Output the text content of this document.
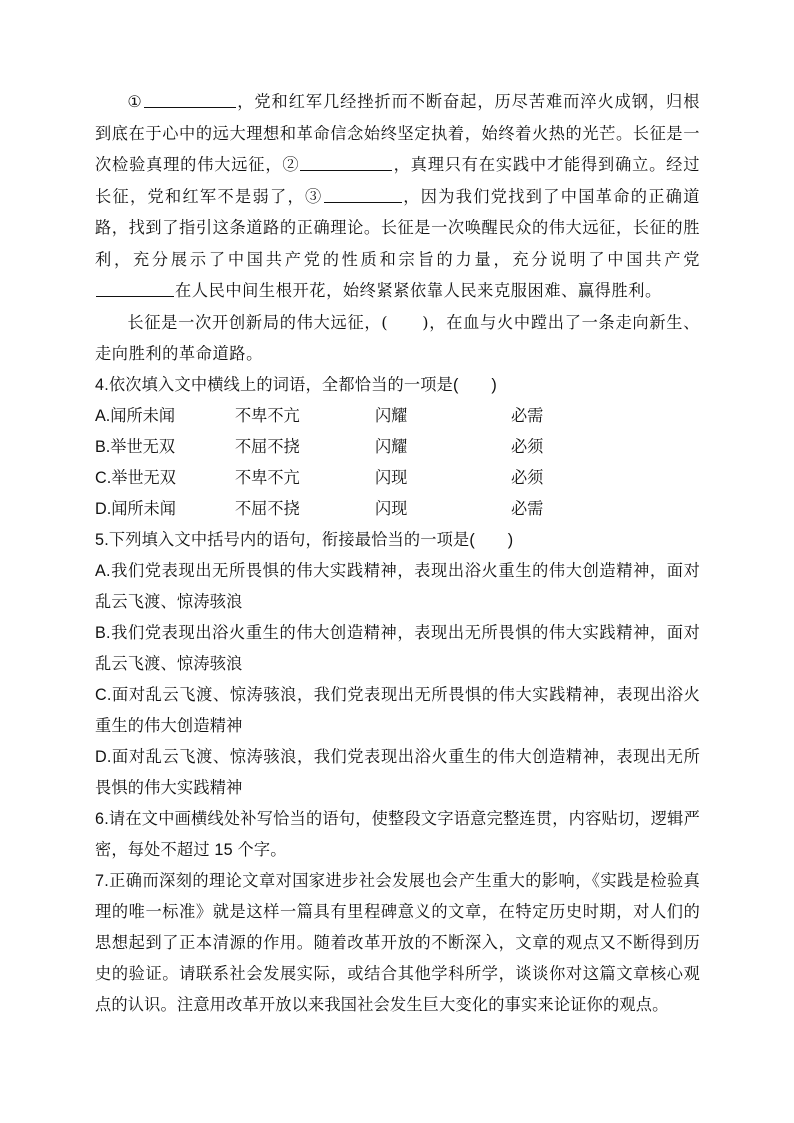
①	，党和红军几经挫折而不断奋起，历尽苦难而淬火成钢，归根到底在于心中的远大理想和革命信念始终坚定执着，始终着火热的光芒。长征是一次检验真理的伟大远征，②	，真理只有在实践中才能得到确立。经过长征，党和红军不是弱了，③	，因为我们党找到了中国革命的正确道路，找到了指引这条道路的正确理论。长征是一次唤醒民众的伟大远征，长征的胜利，充分展示了中国共产党的性质和宗旨的力量，充分说明了中国共产党在人民中间生根开花，始终紧紧依靠人民来克服困难、赢得胜利。

长征是一次开创新局的伟大远征，(　　)，在血与火中蹚出了一条走向新生、走向胜利的革命道路。

4.依次填入文中横线上的词语，全都恰当的一项是(　　)

A.闻所未闻	不卑不亢	闪耀	必需
B.举世无双	不屈不挠	闪耀	必须
C.举世无双	不卑不亢	闪现	必须
D.闻所未闻	不屈不挠	闪现	必需

5.下列填入文中括号内的语句，衔接最恰当的一项是(　　)

A.我们党表现出无所畏惧的伟大实践精神，表现出浴火重生的伟大创造精神，面对乱云飞渡、惊涛骇浪

B.我们党表现出浴火重生的伟大创造精神，表现出无所畏惧的伟大实践精神，面对乱云飞渡、惊涛骇浪

C.面对乱云飞渡、惊涛骇浪，我们党表现出无所畏惧的伟大实践精神，表现出浴火重生的伟大创造精神

D.面对乱云飞渡、惊涛骇浪，我们党表现出浴火重生的伟大创造精神，表现出无所畏惧的伟大实践精神

6.请在文中画横线处补写恰当的语句，使整段文字语意完整连贯，内容贴切，逻辑严密，每处不超过 15 个字。

7.正确而深刻的理论文章对国家进步社会发展也会产生重大的影响，《实践是检验真理的唯一标准》就是这样一篇具有里程碑意义的文章，在特定历史时期，对人们的思想起到了正本清源的作用。随着改革开放的不断深入，文章的观点又不断得到历史的验证。请联系社会发展实际，或结合其他学科所学，谈谈你对这篇文章核心观点的认识。注意用改革开放以来我国社会发生巨大变化的事实来论证你的观点。
